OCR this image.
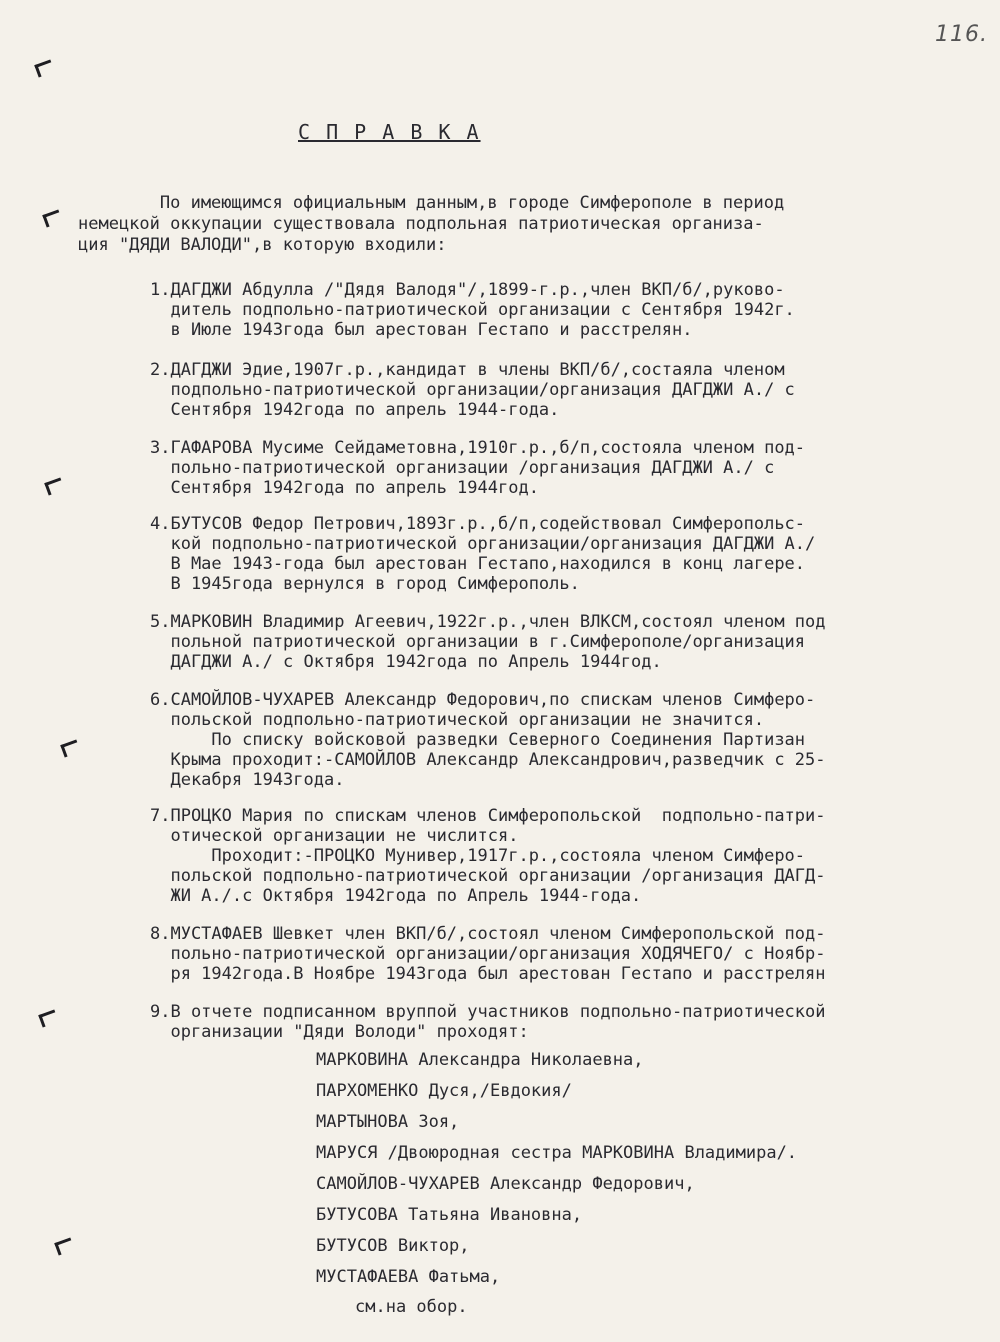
116.
С П Р А В К А
По имеющимся официальным данным,в городе Симферополе в период
немецкой оккупации существовала подпольная патриотическая организа-
ция "ДЯДИ ВАЛОДИ",в которую входили:
1.ДАГДЖИ Абдулла /"Дядя Валодя"/,1899-г.р.,член ВКП/б/,руково-
дитель подпольно-патриотической организации с Сентября 1942г.
в Июле 1943года был арестован Гестапо и расстрелян.
2.ДАГДЖИ Эдие,1907г.р.,кандидат в члены ВКП/б/,состаяла членом
подпольно-патриотической организации/организация ДАГДЖИ А./ с
Сентября 1942года по апрель 1944-года.
3.ГАФАРОВА Мусиме Сейдаметовна,1910г.р.,б/п,состояла членом под-
польно-патриотической организации /организация ДАГДЖИ А./ с
Сентября 1942года по апрель 1944год.
4.БУТУСОВ Федор Петрович,1893г.р.,б/п,содействовал Симферопольс-
кой подпольно-патриотической организации/организация ДАГДЖИ А./
В Мае 1943-года был арестован Гестапо,находился в конц лагере.
В 1945года вернулся в город Симферополь.
5.МАРКОВИН Владимир Агеевич,1922г.р.,член ВЛКСМ,состоял членом под
польной патриотической организации в г.Симферополе/организация
ДАГДЖИ А./ с Октября 1942года по Апрель 1944год.
6.САМОЙЛОВ-ЧУХАРЕВ Александр Федорович,по спискам членов Симферо-
польской подпольно-патриотической организации не значится.
По списку войсковой разведки Северного Соединения Партизан
Крыма проходит:-САМОЙЛОВ Александр Александрович,разведчик с 25-
Декабря 1943года.
7.ПРОЦКО Мария по спискам членов Симферопольской  подпольно-патри-
отической организации не числится.
Проходит:-ПРОЦКО Мунивер,1917г.р.,состояла членом Симферо-
польской подпольно-патриотической организации /организация ДАГД-
ЖИ А./.с Октября 1942года по Апрель 1944-года.
8.МУСТАФАЕВ Шевкет член ВКП/б/,состоял членом Симферопольской под-
польно-патриотической организации/организация ХОДЯЧЕГО/ с Ноябр-
ря 1942года.В Ноябре 1943года был арестован Гестапо и расстрелян
9.В отчете подписанном вруппой участников подпольно-патриотической
организации "Дяди Володи" проходят:
МАРКОВИНА Александра Николаевна,
ПАРХОМЕНКО Дуся,/Евдокия/
МАРТЫНОВА Зоя,
МАРУСЯ /Двоюродная сестра МАРКОВИНА Владимира/.
САМОЙЛОВ-ЧУХАРЕВ Александр Федорович,
БУТУСОВА Татьяна Ивановна,
БУТУСОВ Виктор,
МУСТАФАЕВА Фатьма,
см.на обор.
